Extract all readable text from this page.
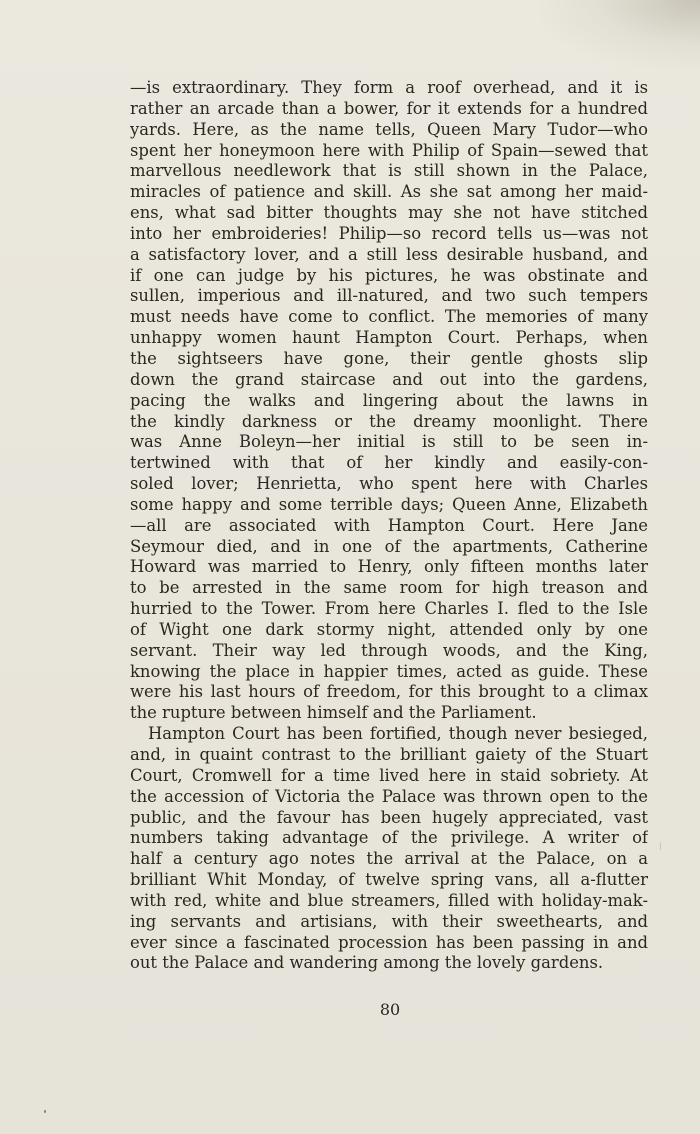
—is extraordinary. They form a roof overhead, and it is
rather an arcade than a bower, for it extends for a hundred
yards. Here, as the name tells, Queen Mary Tudor—who
spent her honeymoon here with Philip of Spain—sewed that
marvellous needlework that is still shown in the Palace,
miracles of patience and skill. As she sat among her maid-
ens, what sad bitter thoughts may she not have stitched
into her embroideries! Philip—so record tells us—was not
a satisfactory lover, and a still less desirable husband, and
if one can judge by his pictures, he was obstinate and
sullen, imperious and ill-natured, and two such tempers
must needs have come to conflict. The memories of many
unhappy women haunt Hampton Court. Perhaps, when
the sightseers have gone, their gentle ghosts slip
down the grand staircase and out into the gardens,
pacing the walks and lingering about the lawns in
the kindly darkness or the dreamy moonlight. There
was Anne Boleyn—her initial is still to be seen in-
tertwined with that of her kindly and easily-con-
soled lover; Henrietta, who spent here with Charles
some happy and some terrible days; Queen Anne, Elizabeth
—all are associated with Hampton Court. Here Jane
Seymour died, and in one of the apartments, Catherine
Howard was married to Henry, only fifteen months later
to be arrested in the same room for high treason and
hurried to the Tower. From here Charles I. fled to the Isle
of Wight one dark stormy night, attended only by one
servant. Their way led through woods, and the King,
knowing the place in happier times, acted as guide. These
were his last hours of freedom, for this brought to a climax
the rupture between himself and the Parliament.
Hampton Court has been fortified, though never besieged,
and, in quaint contrast to the brilliant gaiety of the Stuart
Court, Cromwell for a time lived here in staid sobriety. At
the accession of Victoria the Palace was thrown open to the
public, and the favour has been hugely appreciated, vast
numbers taking advantage of the privilege. A writer of
half a century ago notes the arrival at the Palace, on a
brilliant Whit Monday, of twelve spring vans, all a-flutter
with red, white and blue streamers, filled with holiday-mak-
ing servants and artisians, with their sweethearts, and
ever since a fascinated procession has been passing in and
out the Palace and wandering among the lovely gardens.
80
